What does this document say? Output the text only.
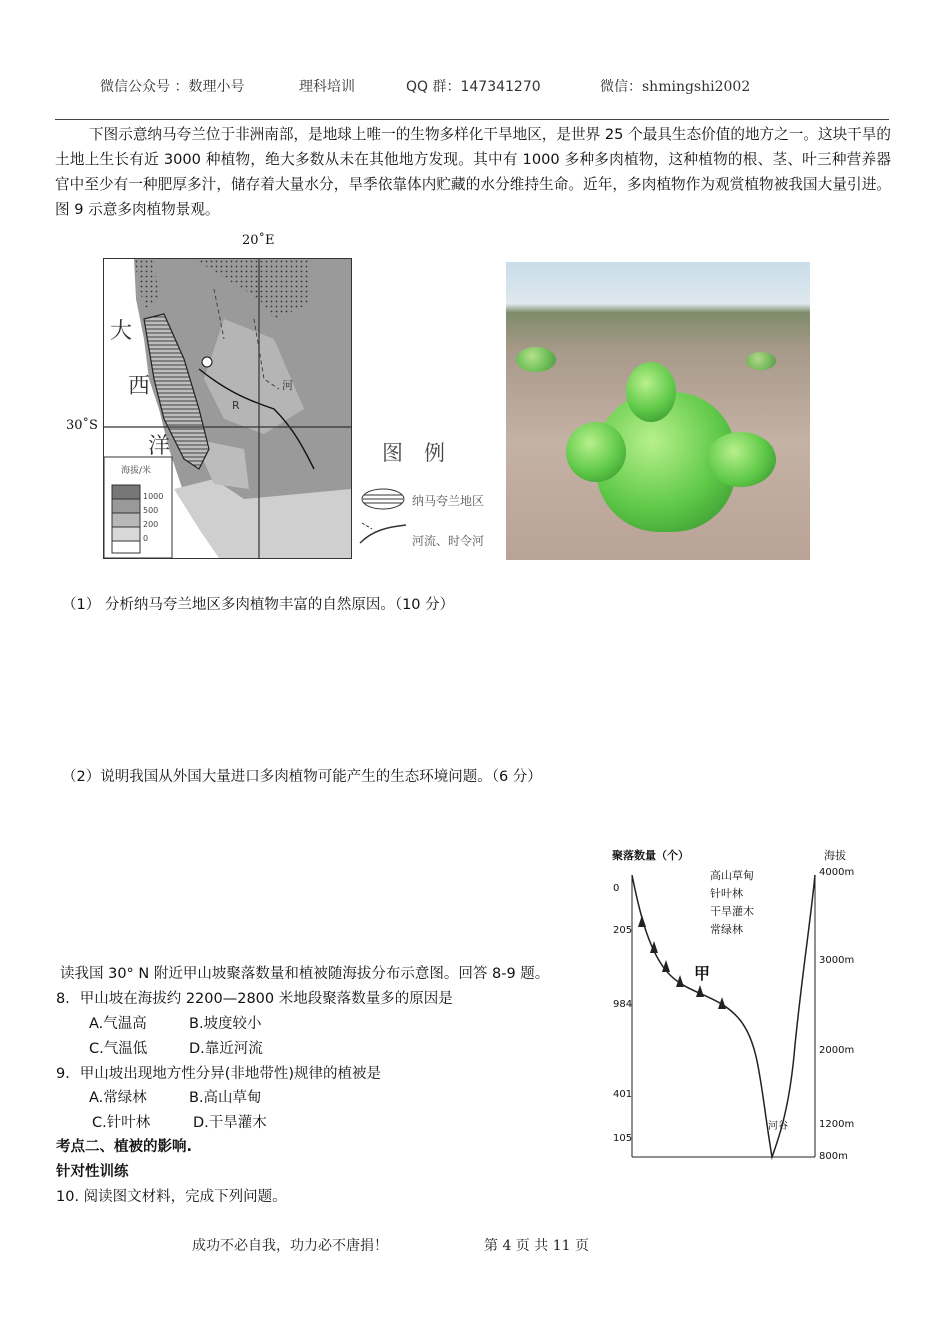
微信公众号 ：数理小号	理科培训	QQ 群：147341270	微信：shmingshi2002
下图示意纳马夸兰位于非洲南部，是地球上唯一的生物多样化干旱地区，是世界 25 个最具生态价值的地方之一。这块干旱的土地上生长有近 3000 种植物，绝大多数从未在其他地方发现。其中有 1000 多种多肉植物，这种植物的根、茎、叶三种营养器官中至少有一种肥厚多汁，储存着大量水分，旱季依靠体内贮藏的水分维持生命。近年，多肉植物作为观赏植物被我国大量引进。图 9 示意多肉植物景观。
20˚E
30˚S
大
西
洋
河
R
海拔/米
1000
500
200
0
图　例
纳马夸兰地区
河流、时令河
（1） 分析纳马夸兰地区多肉植物丰富的自然原因。（10 分）
（2）说明我国从外国大量进口多肉植物可能产生的生态环境问题。（6 分）
聚落数量（个）	海拔
0
205
984
401
105
4000m
3000m
2000m
1200m
800m
高山草甸
针叶林
干旱灌木
常绿林
甲
河谷
读我国 30° N 附近甲山坡聚落数量和植被随海拔分布示意图。回答 8-9 题。
8．甲山坡在海拔约 2200—2800 米地段聚落数量多的原因是
A.气温高	B.坡度较小
C.气温低	D.靠近河流
9．甲山坡出现地方性分异(非地带性)规律的植被是
A.常绿林	B.高山草甸
C.针叶林	D.干旱灌木
考点二、植被的影响.
针对性训练
10. 阅读图文材料，完成下列问题。
成功不必自我，功力必不唐捐！	第 4 页 共 11 页
